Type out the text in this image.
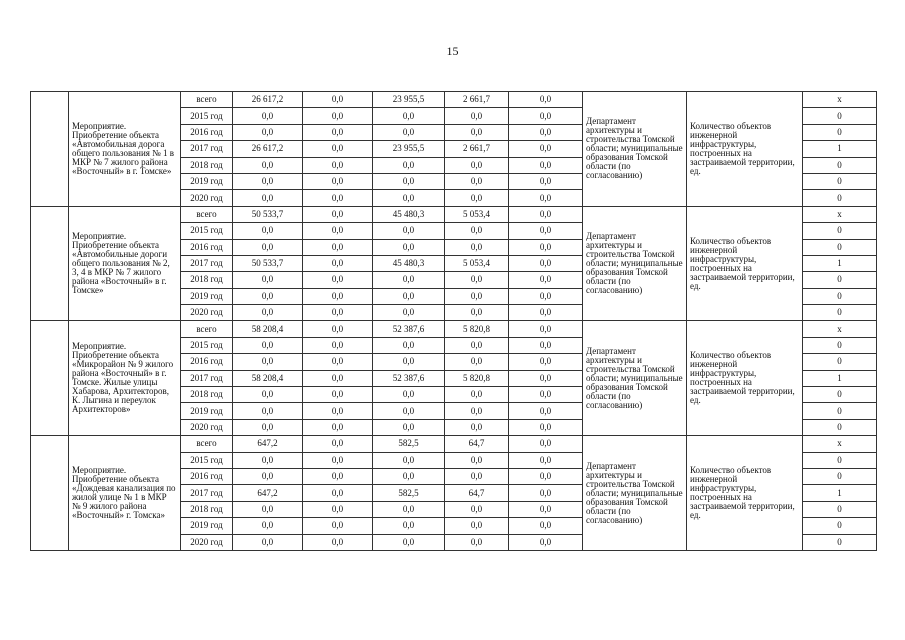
15
	Мероприятие. Приобретение объекта «Автомобильная дорога общего пользования № 1 в МКР № 7 жилого района «Восточный» в г. Томске»	всего	26 617,2	0,0	23 955,5	2 661,7	0,0	Департамент архитектуры и строительства Томской области; муниципальные образования Томской области (по согласованию)	Количество объектов инженерной инфраструктуры, построенных на застраиваемой территории, ед.	x
		2015 год	0,0	0,0	0,0	0,0	0,0			0
		2016 год	0,0	0,0	0,0	0,0	0,0			0
		2017 год	26 617,2	0,0	23 955,5	2 661,7	0,0			1
		2018 год	0,0	0,0	0,0	0,0	0,0			0
		2019 год	0,0	0,0	0,0	0,0	0,0			0
		2020 год	0,0	0,0	0,0	0,0	0,0			0
	Мероприятие. Приобретение объекта «Автомобильные дороги общего пользования № 2, 3, 4 в МКР № 7 жилого района «Восточный» в г. Томске»	всего	50 533,7	0,0	45 480,3	5 053,4	0,0	Департамент архитектуры и строительства Томской области; муниципальные образования Томской области (по согласованию)	Количество объектов инженерной инфраструктуры, построенных на застраиваемой территории, ед.	x
		2015 год	0,0	0,0	0,0	0,0	0,0			0
		2016 год	0,0	0,0	0,0	0,0	0,0			0
		2017 год	50 533,7	0,0	45 480,3	5 053,4	0,0			1
		2018 год	0,0	0,0	0,0	0,0	0,0			0
		2019 год	0,0	0,0	0,0	0,0	0,0			0
		2020 год	0,0	0,0	0,0	0,0	0,0			0
	Мероприятие. Приобретение объекта «Микрорайон № 9 жилого района «Восточный» в г. Томске. Жилые улицы Хабарова, Архитекторов, К. Лыгина и переулок Архитекторов»	всего	58 208,4	0,0	52 387,6	5 820,8	0,0	Департамент архитектуры и строительства Томской области; муниципальные образования Томской области (по согласованию)	Количество объектов инженерной инфраструктуры, построенных на застраиваемой территории, ед.	x
		2015 год	0,0	0,0	0,0	0,0	0,0			0
		2016 год	0,0	0,0	0,0	0,0	0,0			0
		2017 год	58 208,4	0,0	52 387,6	5 820,8	0,0			1
		2018 год	0,0	0,0	0,0	0,0	0,0			0
		2019 год	0,0	0,0	0,0	0,0	0,0			0
		2020 год	0,0	0,0	0,0	0,0	0,0			0
	Мероприятие. Приобретение объекта «Дождевая канализация по жилой улице № 1 в МКР № 9 жилого района «Восточный» г. Томска»	всего	647,2	0,0	582,5	64,7	0,0	Департамент архитектуры и строительства Томской области; муниципальные образования Томской области (по согласованию)	Количество объектов инженерной инфраструктуры, построенных на застраиваемой территории, ед.	x
		2015 год	0,0	0,0	0,0	0,0	0,0			0
		2016 год	0,0	0,0	0,0	0,0	0,0			0
		2017 год	647,2	0,0	582,5	64,7	0,0			1
		2018 год	0,0	0,0	0,0	0,0	0,0			0
		2019 год	0,0	0,0	0,0	0,0	0,0			0
		2020 год	0,0	0,0	0,0	0,0	0,0			0
